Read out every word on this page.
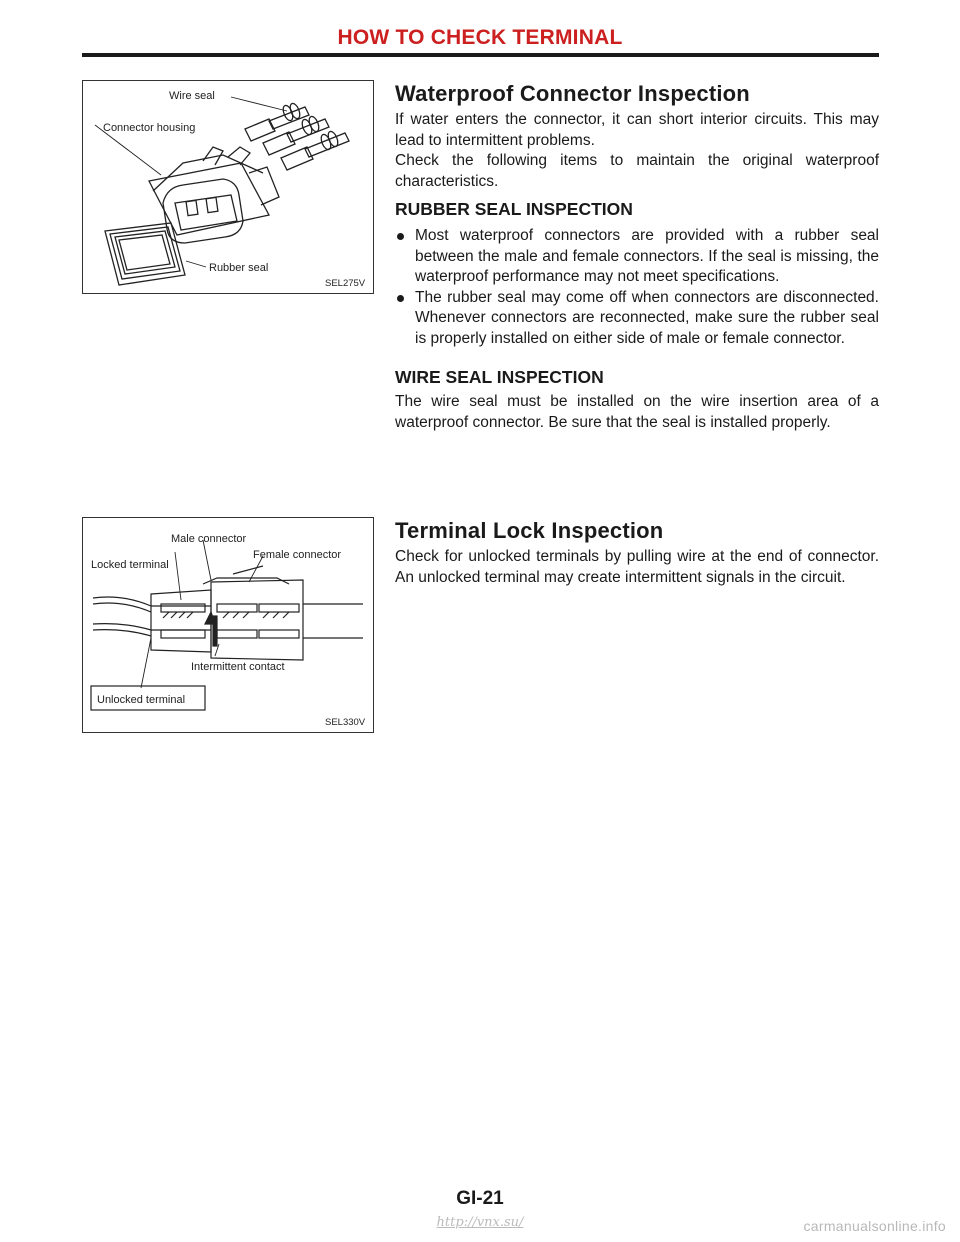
HOW TO CHECK TERMINAL
Wire seal
Connector housing
Rubber seal
SEL275V
Male connector
Female connector
Locked terminal
Intermittent contact
Unlocked terminal
SEL330V
Waterproof Connector Inspection

If water enters the connector, it can short interior circuits. This may lead to intermittent problems.

Check the following items to maintain the original waterproof characteristics.

RUBBER SEAL INSPECTION
Most waterproof connectors are provided with a rubber seal between the male and female connectors. If the seal is missing, the waterproof performance may not meet specifications.
The rubber seal may come off when connectors are disconnected. Whenever connectors are reconnected, make sure the rubber seal is properly installed on either side of male or female connector.
WIRE SEAL INSPECTION

The wire seal must be installed on the wire insertion area of a waterproof connector. Be sure that the seal is installed properly.

Terminal Lock Inspection

Check for unlocked terminals by pulling wire at the end of connector. An unlocked terminal may create intermittent signals in the circuit.

GI-21
http://vnx.su/	carmanualsonline.info
